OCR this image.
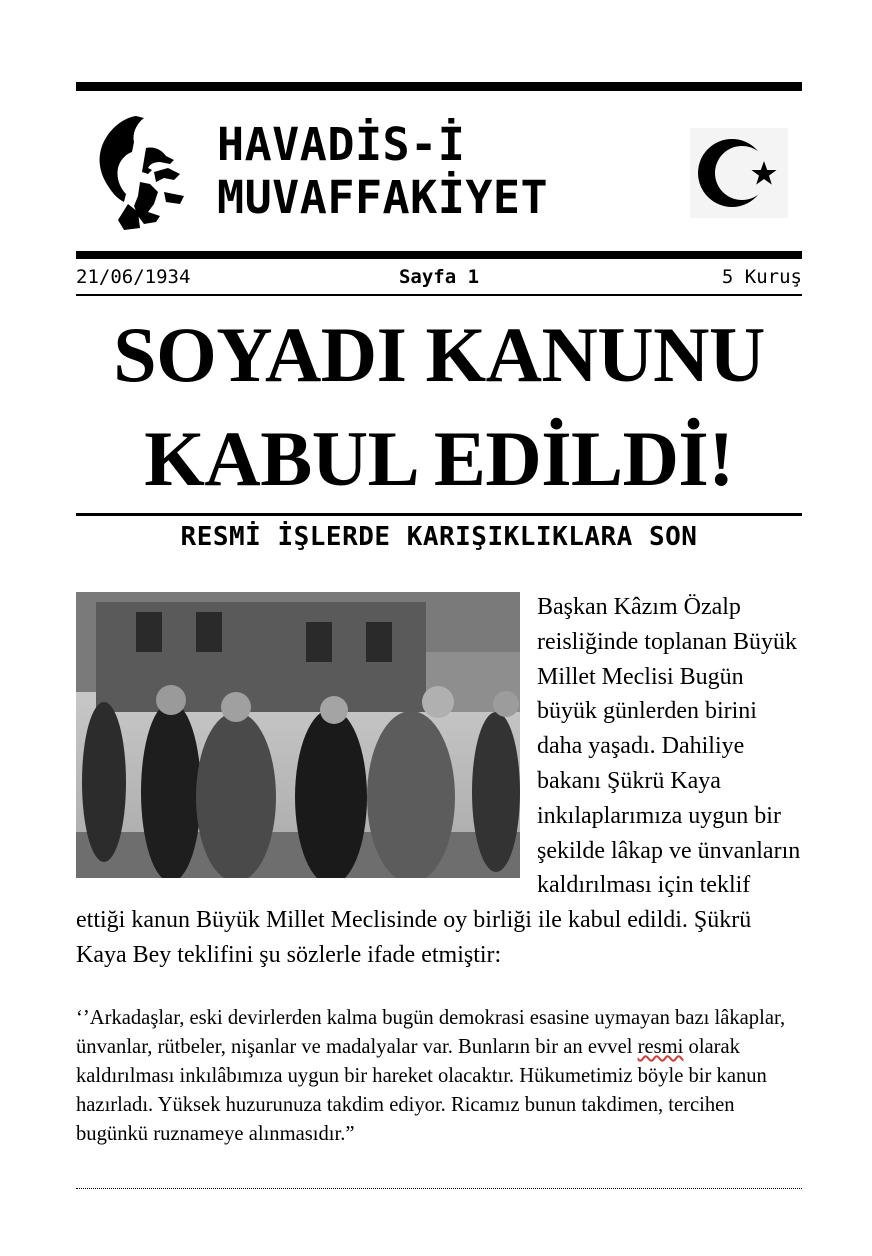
HAVADİS-İ
MUVAFFAKİYET
21/06/1934	Sayfa 1	5 Kuruş
SOYADI KANUNU
KABUL EDİLDİ!
RESMİ İŞLERDE KARIŞIKLIKLARA SON
Başkan Kâzım Özalp reisliğinde toplanan Büyük Millet Meclisi Bugün büyük günlerden birini daha yaşadı. Dahiliye bakanı Şükrü Kaya inkılaplarımıza uygun bir şekilde lâkap ve ünvanların kaldırılması için teklif ettiği kanun Büyük Millet Meclisinde oy birliği ile kabul edildi. Şükrü Kaya Bey teklifini şu sözlerle ifade etmiştir:
‘’Arkadaşlar, eski devirlerden kalma bugün demokrasi esasine uymayan bazı lâkaplar, ünvanlar, rütbeler, nişanlar ve madalyalar var. Bunların bir an evvel resmi olarak kaldırılması inkılâbımıza uygun bir hareket olacaktır. Hükumetimiz böyle bir kanun hazırladı. Yüksek huzurunuza takdim ediyor. Ricamız bunun takdimen, tercihen bugünkü ruznameye alınmasıdır.”
